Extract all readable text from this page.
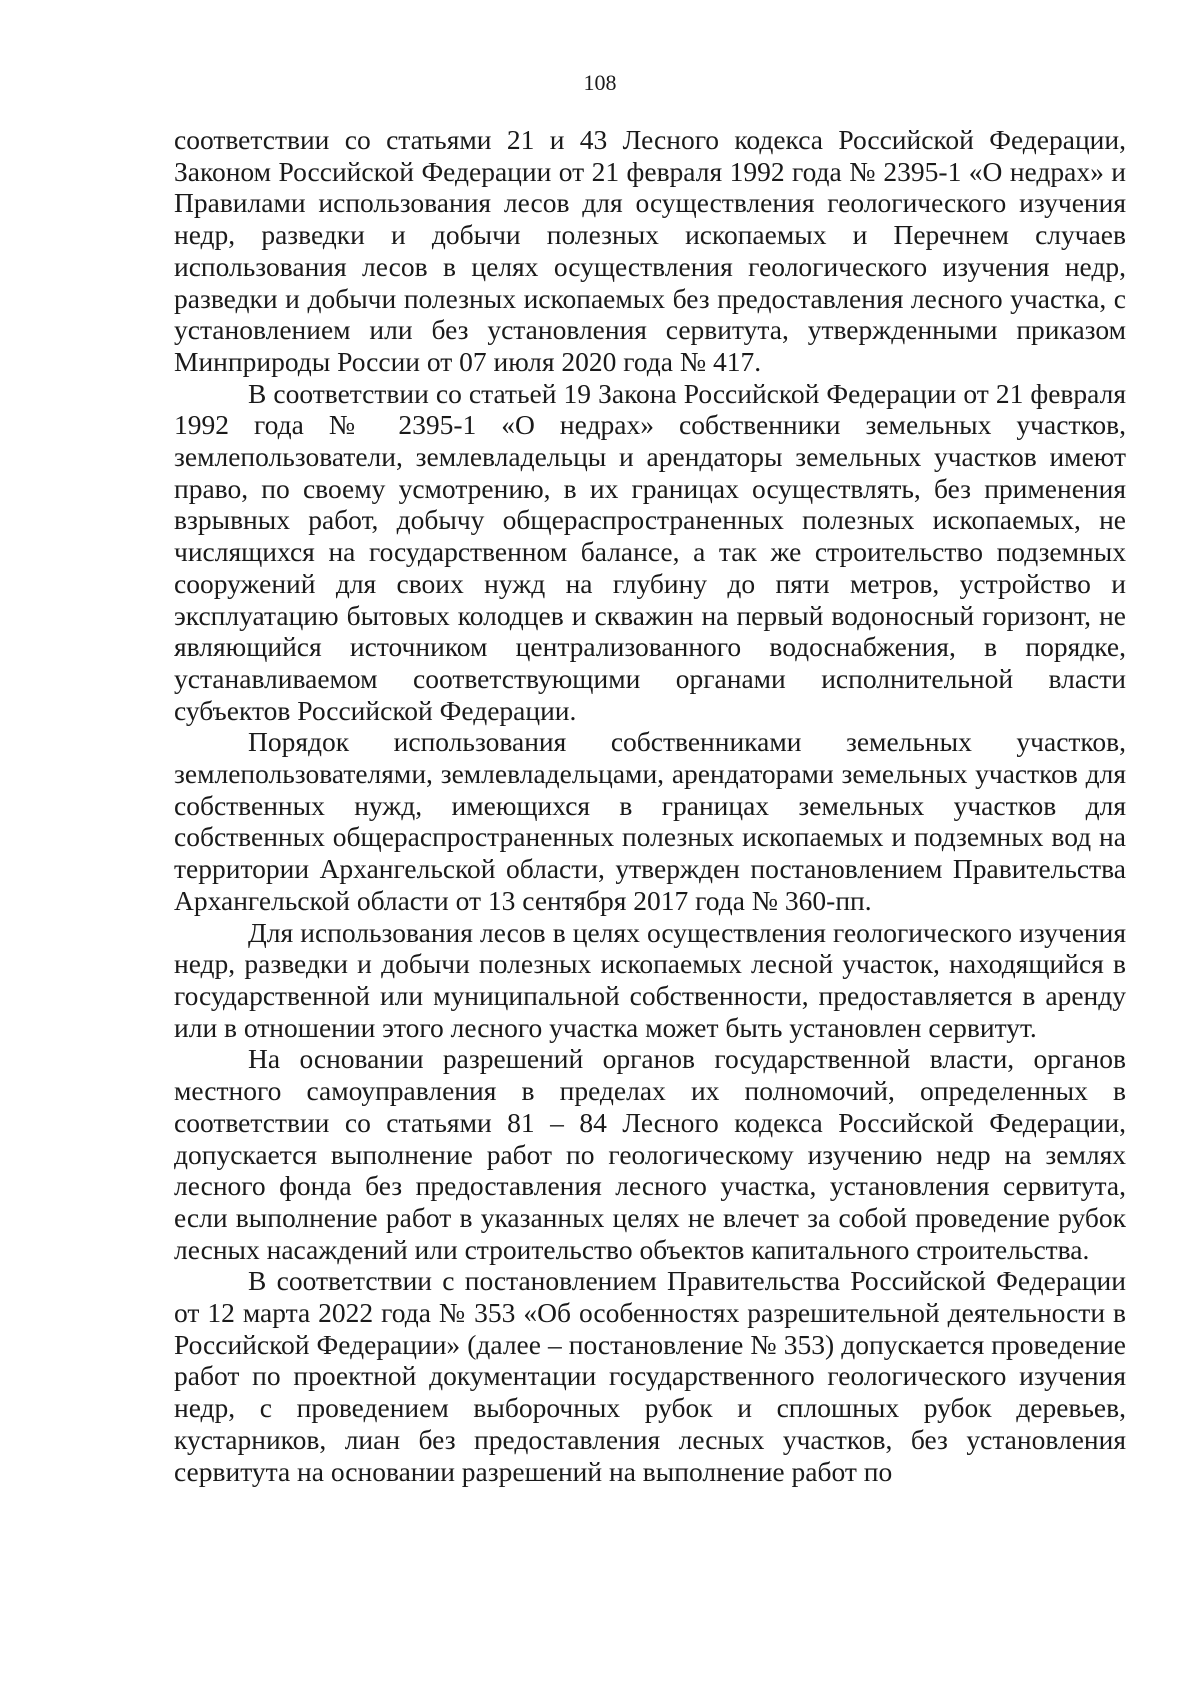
108

соответствии со статьями 21 и 43 Лесного кодекса Российской Федерации, Законом Российской Федерации от 21 февраля 1992 года № 2395-1 «О недрах» и Правилами использования лесов для осуществления геологического изучения недр, разведки и добычи полезных ископаемых и Перечнем случаев использования лесов в целях осуществления геологического изучения недр, разведки и добычи полезных ископаемых без предоставления лесного участка, с установлением или без установления сервитута, утвержденными приказом Минприроды России от 07 июля 2020 года № 417.

В соответствии со статьей 19 Закона Российской Федерации от 21 февраля 1992 года № 2395-1 «О недрах» собственники земельных участков, землепользователи, землевладельцы и арендаторы земельных участков имеют право, по своему усмотрению, в их границах осуществлять, без применения взрывных работ, добычу общераспространенных полезных ископаемых, не числящихся на государственном балансе, а так же строительство подземных сооружений для своих нужд на глубину до пяти метров, устройство и эксплуатацию бытовых колодцев и скважин на первый водоносный горизонт, не являющийся источником централизованного водоснабжения, в порядке, устанавливаемом соответствующими органами исполнительной власти субъектов Российской Федерации.

Порядок использования собственниками земельных участков, землепользователями, землевладельцами, арендаторами земельных участков для собственных нужд, имеющихся в границах земельных участков для собственных общераспространенных полезных ископаемых и подземных вод на территории Архангельской области, утвержден постановлением Правительства Архангельской области от 13 сентября 2017 года № 360-пп.

Для использования лесов в целях осуществления геологического изучения недр, разведки и добычи полезных ископаемых лесной участок, находящийся в государственной или муниципальной собственности, предоставляется в аренду или в отношении этого лесного участка может быть установлен сервитут.

На основании разрешений органов государственной власти, органов местного самоуправления в пределах их полномочий, определенных в соответствии со статьями 81 – 84 Лесного кодекса Российской Федерации, допускается выполнение работ по геологическому изучению недр на землях лесного фонда без предоставления лесного участка, установления сервитута, если выполнение работ в указанных целях не влечет за собой проведение рубок лесных насаждений или строительство объектов капитального строительства.

В соответствии с постановлением Правительства Российской Федерации от 12 марта 2022 года № 353 «Об особенностях разрешительной деятельности в Российской Федерации» (далее – постановление № 353) допускается проведение работ по проектной документации государственного геологического изучения недр, с проведением выборочных рубок и сплошных рубок деревьев, кустарников, лиан без предоставления лесных участков, без установления сервитута на основании разрешений на выполнение работ по
